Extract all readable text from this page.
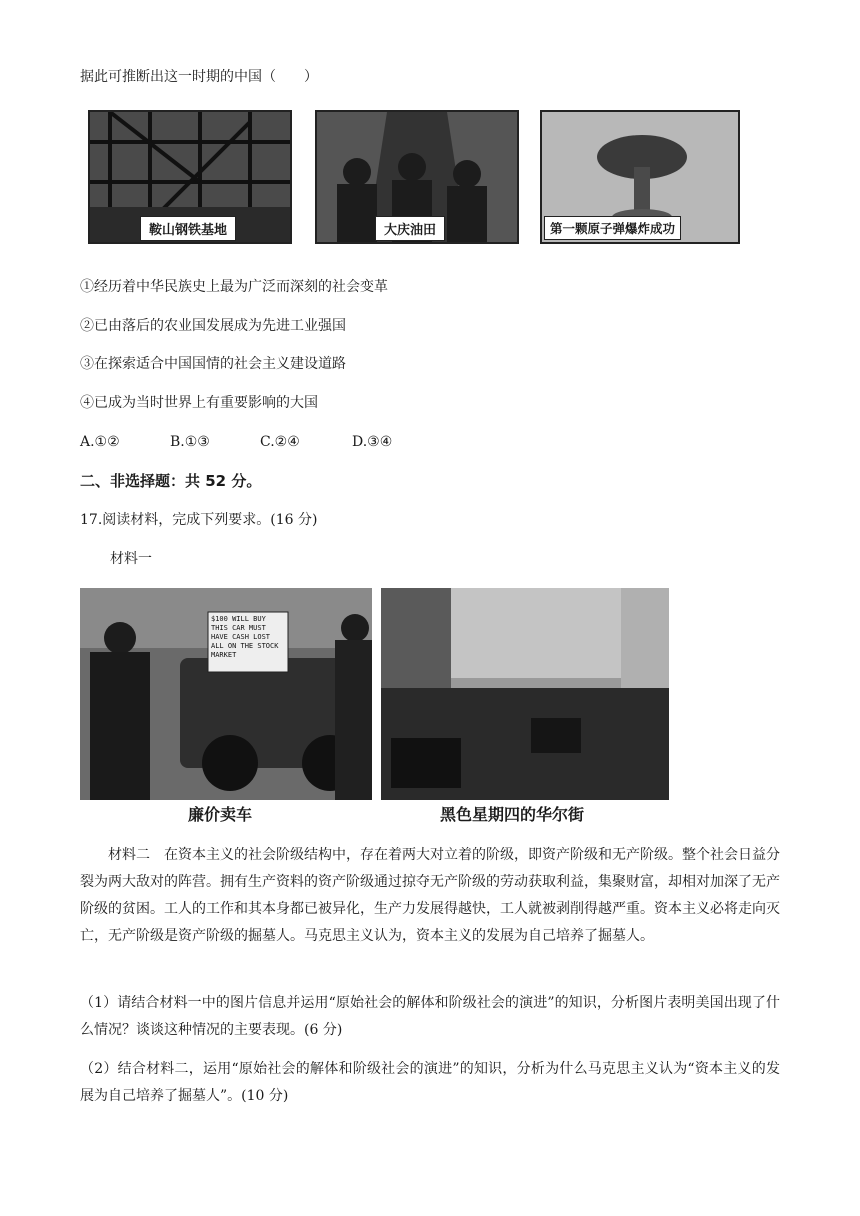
据此可推断出这一时期的中国（　　）
鞍山钢铁基地	大庆油田	第一颗原子弹爆炸成功
①经历着中华民族史上最为广泛而深刻的社会变革
②已由落后的农业国发展成为先进工业强国
③在探索适合中国国情的社会主义建设道路
④已成为当时世界上有重要影响的大国
A.①②	B.①③	C.②④	D.③④
二、非选择题：共 52 分。
17.阅读材料，完成下列要求。(16 分)
材料一
$100 WILL BUY THIS CAR MUST HAVE CASH LOST ALL ON THE STOCK MARKET
廉价卖车	黑色星期四的华尔街
材料二　在资本主义的社会阶级结构中，存在着两大对立着的阶级，即资产阶级和无产阶级。整个社会日益分裂为两大敌对的阵营。拥有生产资料的资产阶级通过掠夺无产阶级的劳动获取利益，集聚财富，却相对加深了无产阶级的贫困。工人的工作和其本身都已被异化，生产力发展得越快，工人就被剥削得越严重。资本主义必将走向灭亡，无产阶级是资产阶级的掘墓人。马克思主义认为，资本主义的发展为自己培养了掘墓人。
（1）请结合材料一中的图片信息并运用“原始社会的解体和阶级社会的演进”的知识，分析图片表明美国出现了什么情况？谈谈这种情况的主要表现。(6 分)
（2）结合材料二，运用“原始社会的解体和阶级社会的演进”的知识，分析为什么马克思主义认为“资本主义的发展为自己培养了掘墓人”。(10 分)
